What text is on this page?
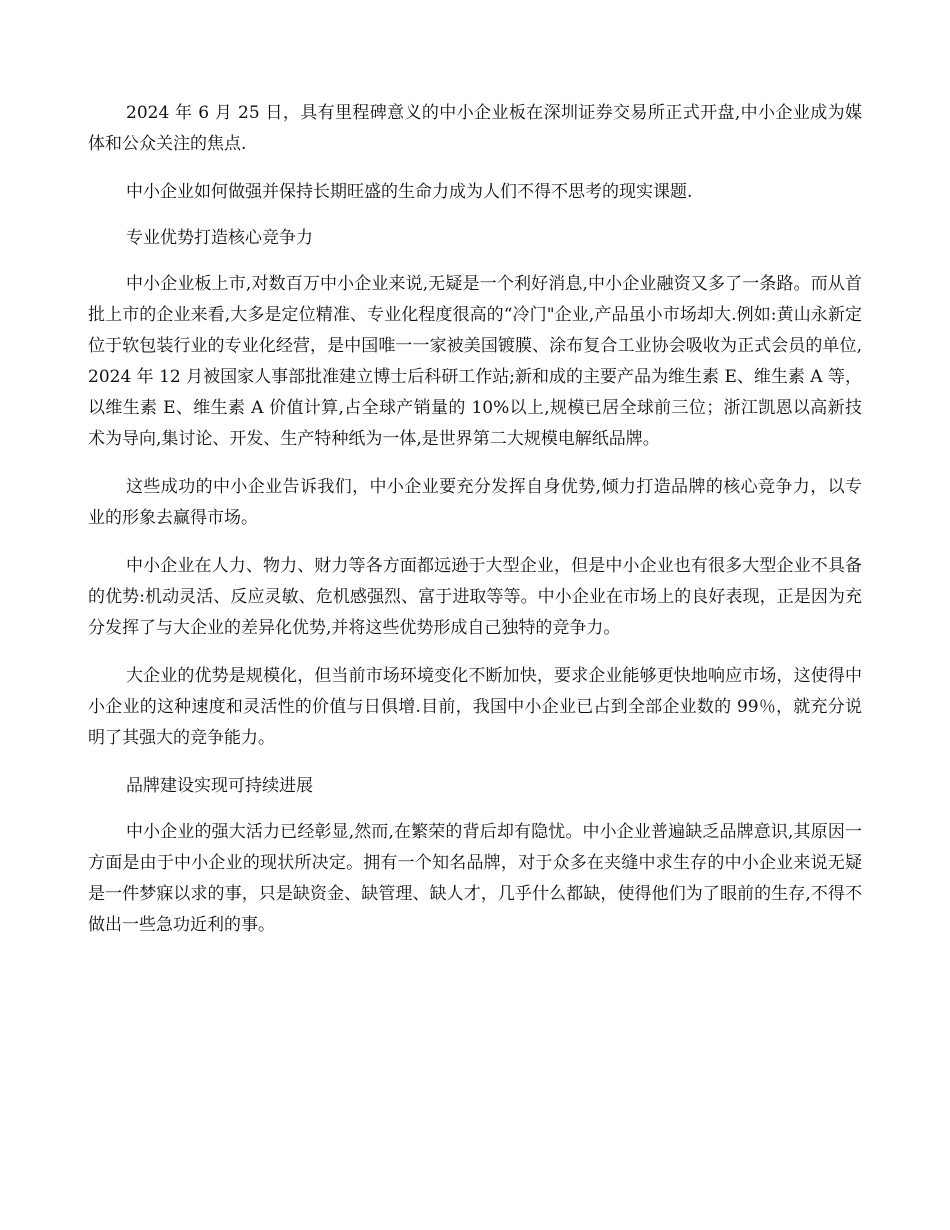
2024 年 6 月 25 日，具有里程碑意义的中小企业板在深圳证券交易所正式开盘,中小企业成为媒体和公众关注的焦点.

中小企业如何做强并保持长期旺盛的生命力成为人们不得不思考的现实课题.

专业优势打造核心竞争力

中小企业板上市,对数百万中小企业来说,无疑是一个利好消息,中小企业融资又多了一条路。而从首批上市的企业来看,大多是定位精准、专业化程度很高的“冷门"企业,产品虽小市场却大.例如:黄山永新定位于软包装行业的专业化经营，是中国唯一一家被美国镀膜、涂布复合工业协会吸收为正式会员的单位,2024 年 12 月被国家人事部批准建立博士后科研工作站;新和成的主要产品为维生素 E、维生素 A 等，以维生素 E、维生素 A 价值计算,占全球产销量的 10%以上,规模已居全球前三位；浙江凯恩以高新技术为导向,集讨论、开发、生产特种纸为一体,是世界第二大规模电解纸品牌。

这些成功的中小企业告诉我们，中小企业要充分发挥自身优势,倾力打造品牌的核心竞争力，以专业的形象去赢得市场。

中小企业在人力、物力、财力等各方面都远逊于大型企业，但是中小企业也有很多大型企业不具备的优势:机动灵活、反应灵敏、危机感强烈、富于进取等等。中小企业在市场上的良好表现，正是因为充分发挥了与大企业的差异化优势,并将这些优势形成自己独特的竞争力。

大企业的优势是规模化，但当前市场环境变化不断加快，要求企业能够更快地响应市场，这使得中小企业的这种速度和灵活性的价值与日俱增.目前，我国中小企业已占到全部企业数的 99％，就充分说明了其强大的竞争能力。

品牌建设实现可持续进展

中小企业的强大活力已经彰显,然而,在繁荣的背后却有隐忧。中小企业普遍缺乏品牌意识,其原因一方面是由于中小企业的现状所决定。拥有一个知名品牌，对于众多在夹缝中求生存的中小企业来说无疑是一件梦寐以求的事，只是缺资金、缺管理、缺人才，几乎什么都缺，使得他们为了眼前的生存,不得不做出一些急功近利的事。
